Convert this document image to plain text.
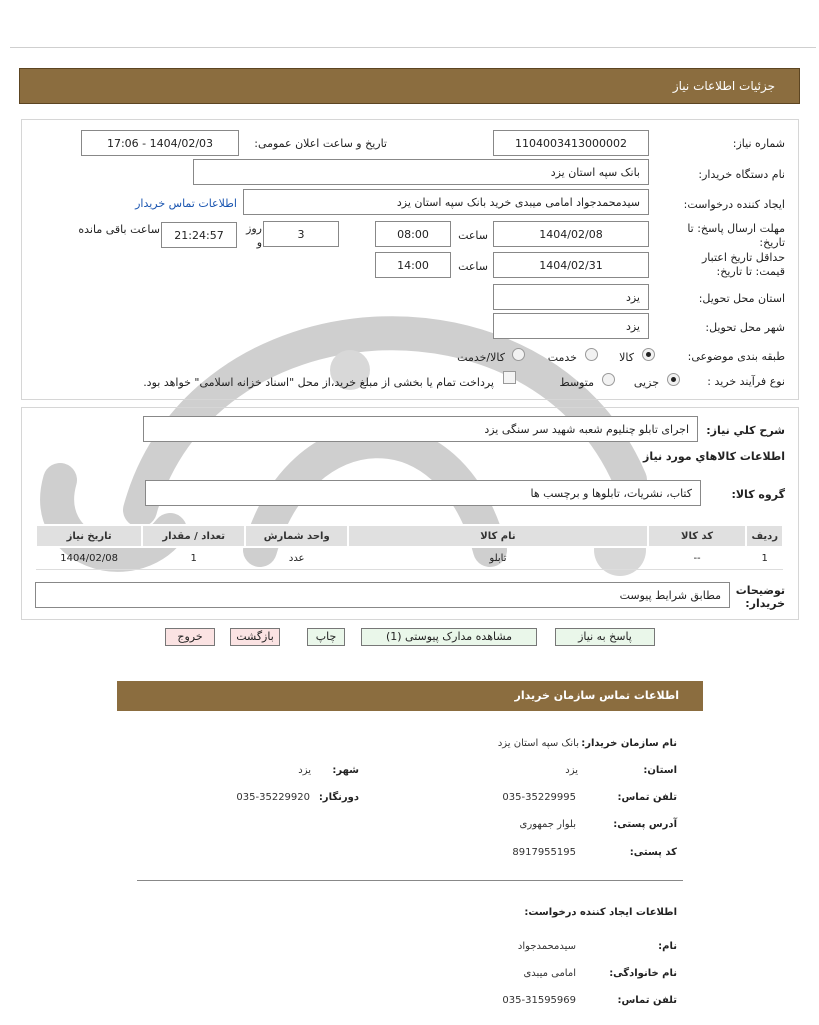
جزئیات اطلاعات نیاز
شماره نیاز:
1104003413000002
تاریخ و ساعت اعلان عمومی:
1404/02/03 - 17:06
نام دستگاه خریدار:
بانک سپه استان یزد
ایجاد کننده درخواست:
سیدمحمدجواد امامی میبدی خرید بانک سپه استان یزد
اطلاعات تماس خریدار
مهلت ارسال پاسخ: تا تاریخ:
1404/02/08
ساعت
08:00
3
روز و
21:24:57
ساعت باقی مانده
حداقل تاریخ اعتبار قیمت: تا تاریخ:
1404/02/31
ساعت
14:00
استان محل تحویل:
یزد
شهر محل تحویل:
یزد
طبقه بندی موضوعی:
کالا
خدمت
کالا/خدمت
نوع فرآیند خرید :
جزیی
متوسط
پرداخت تمام یا بخشی از مبلغ خرید،از محل "اسناد خزانه اسلامی" خواهد بود.
شرح کلي نياز:
اجرای تابلو چنلیوم شعبه شهید سر سنگی یزد
اطلاعات کالاهاي مورد نياز
گروه کالا:
کتاب، نشریات، تابلوها و برچسب ها
ردیف	کد کالا	نام کالا	واحد شمارش	تعداد / مقدار	تاریخ نیاز
1	--	تابلو	عدد	1	1404/02/08
توضیحات خریدار:
مطابق شرایط پیوست
پاسخ به نیاز
مشاهده مدارک پیوستی (1)
چاپ
بازگشت
خروج
اطلاعات تماس سازمان خریدار
نام سازمان خریدار:
بانک سپه استان یزد
استان:
یزد
شهر:
یزد
تلفن تماس:
035-35229995
دورنگار:
035-35229920
آدرس پستی:
بلوار جمهوری
کد پستی:
8917955195
اطلاعات ایجاد کننده درخواست:
نام:
سیدمحمدجواد
نام خانوادگی:
امامی میبدی
تلفن تماس:
035-31595969
